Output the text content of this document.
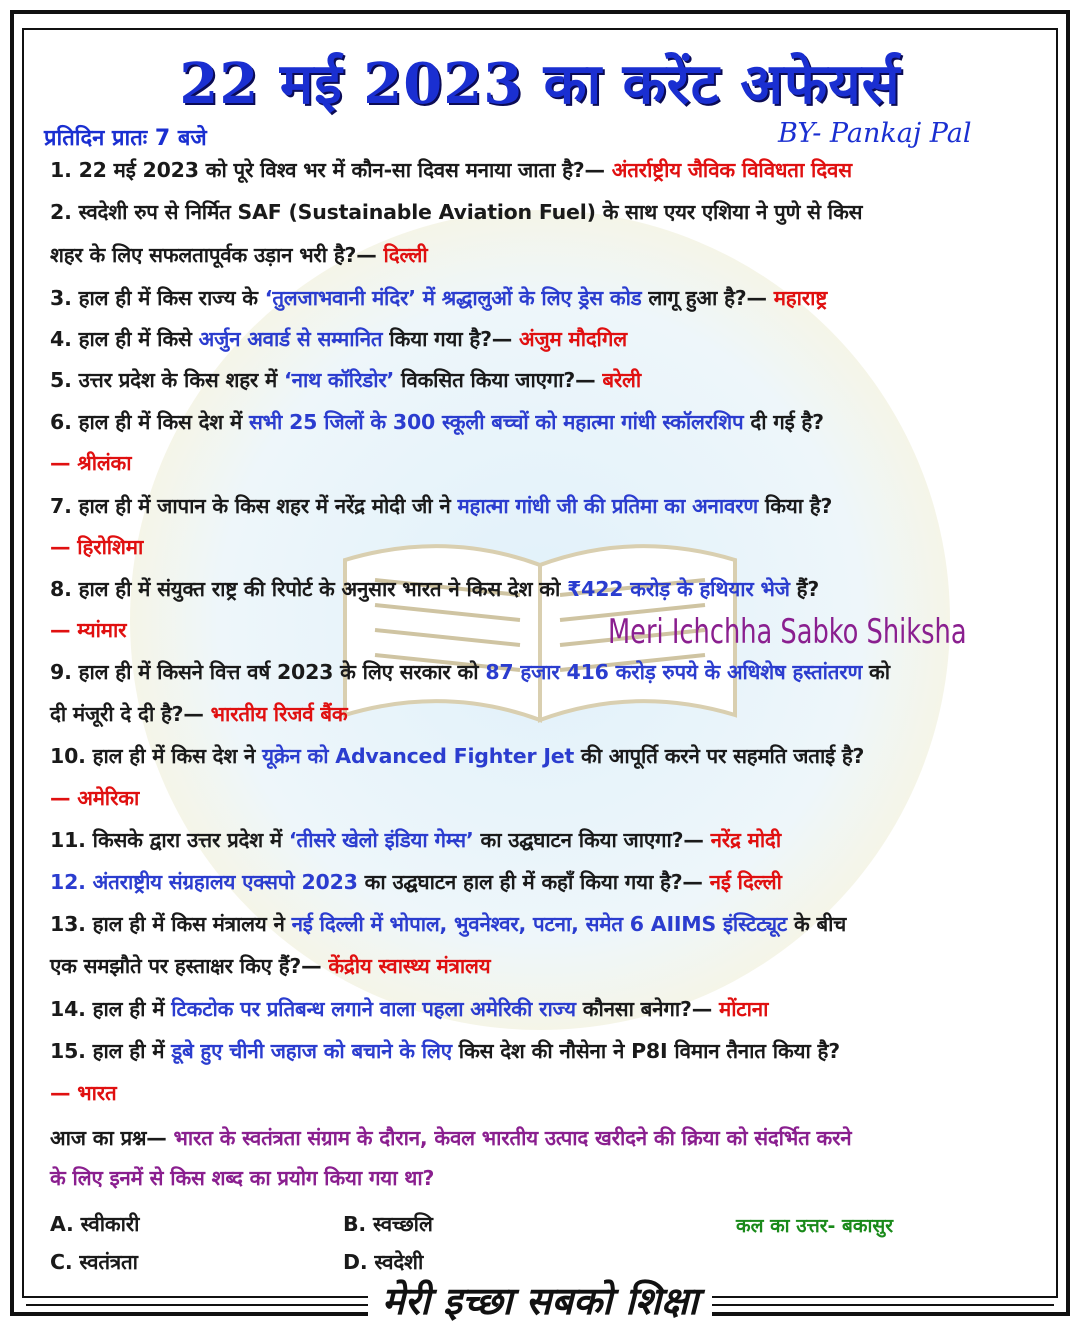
22 मई 2023 का करेंट अफेयर्स
प्रतिदिन प्रातः 7 बजे	BY- Pankaj Pal
1. 22 मई 2023 को पूरे विश्व भर में कौन-सा दिवस मनाया जाता है?— अंतर्राष्ट्रीय जैविक विविधता दिवस
2. स्वदेशी रुप से निर्मित SAF (Sustainable Aviation Fuel) के साथ एयर एशिया ने पुणे से किस
शहर के लिए सफलतापूर्वक उड़ान भरी है?— दिल्ली
3. हाल ही में किस राज्य के ‘तुलजाभवानी मंदिर’ में श्रद्धालुओं के लिए ड्रेस कोड लागू हुआ है?— महाराष्ट्र
4. हाल ही में किसे अर्जुन अवार्ड से सम्मानित किया गया है?— अंजुम मौदगिल
5. उत्तर प्रदेश के किस शहर में ‘नाथ कॉरिडोर’ विकसित किया जाएगा?— बरेली
6. हाल ही में किस देश में सभी 25 जिलों के 300 स्कूली बच्चों को महात्मा गांधी स्कॉलरशिप दी गई है?
— श्रीलंका
7. हाल ही में जापान के किस शहर में नरेंद्र मोदी जी ने महात्मा गांधी जी की प्रतिमा का अनावरण किया है?
— हिरोशिमा
8. हाल ही में संयुक्त राष्ट्र की रिपोर्ट के अनुसार भारत ने किस देश को ₹422 करोड़ के हथियार भेजे हैं?
— म्यांमार	Meri Ichchha Sabko Shiksha
9. हाल ही में किसने वित्त वर्ष 2023 के लिए सरकार को 87 हजार 416 करोड़ रुपये के अधिशेष हस्तांतरण को
दी मंजूरी दे दी है?— भारतीय रिजर्व बैंक
10. हाल ही में किस देश ने यूक्रेन को Advanced Fighter Jet की आपूर्ति करने पर सहमति जताई है?
— अमेरिका
11. किसके द्वारा उत्तर प्रदेश में ‘तीसरे खेलो इंडिया गेम्स’ का उद्घघाटन किया जाएगा?— नरेंद्र मोदी
12. अंतराष्ट्रीय संग्रहालय एक्सपो 2023 का उद्घघाटन हाल ही में कहाँ किया गया है?— नई दिल्ली
13. हाल ही में किस मंत्रालय ने नई दिल्ली में भोपाल, भुवनेश्वर, पटना, समेत 6 AIIMS इंस्टिट्यूट के बीच
एक समझौते पर हस्ताक्षर किए हैं?— केंद्रीय स्वास्थ्य मंत्रालय
14. हाल ही में टिकटोक पर प्रतिबन्ध लगाने वाला पहला अमेरिकी राज्य कौनसा बनेगा?— मोंटाना
15. हाल ही में डूबे हुए चीनी जहाज को बचाने के लिए किस देश की नौसेना ने P8I विमान तैनात किया है?
— भारत
आज का प्रश्न— भारत के स्वतंत्रता संग्राम के दौरान, केवल भारतीय उत्पाद खरीदने की क्रिया को संदर्भित करने
के लिए इनमें से किस शब्द का प्रयोग किया गया था?
A. स्वीकारी	B. स्वच्छलि
C. स्वतंत्रता	D. स्वदेशी
कल का उत्तर- बकासुर
मेरी इच्छा सबको शिक्षा
